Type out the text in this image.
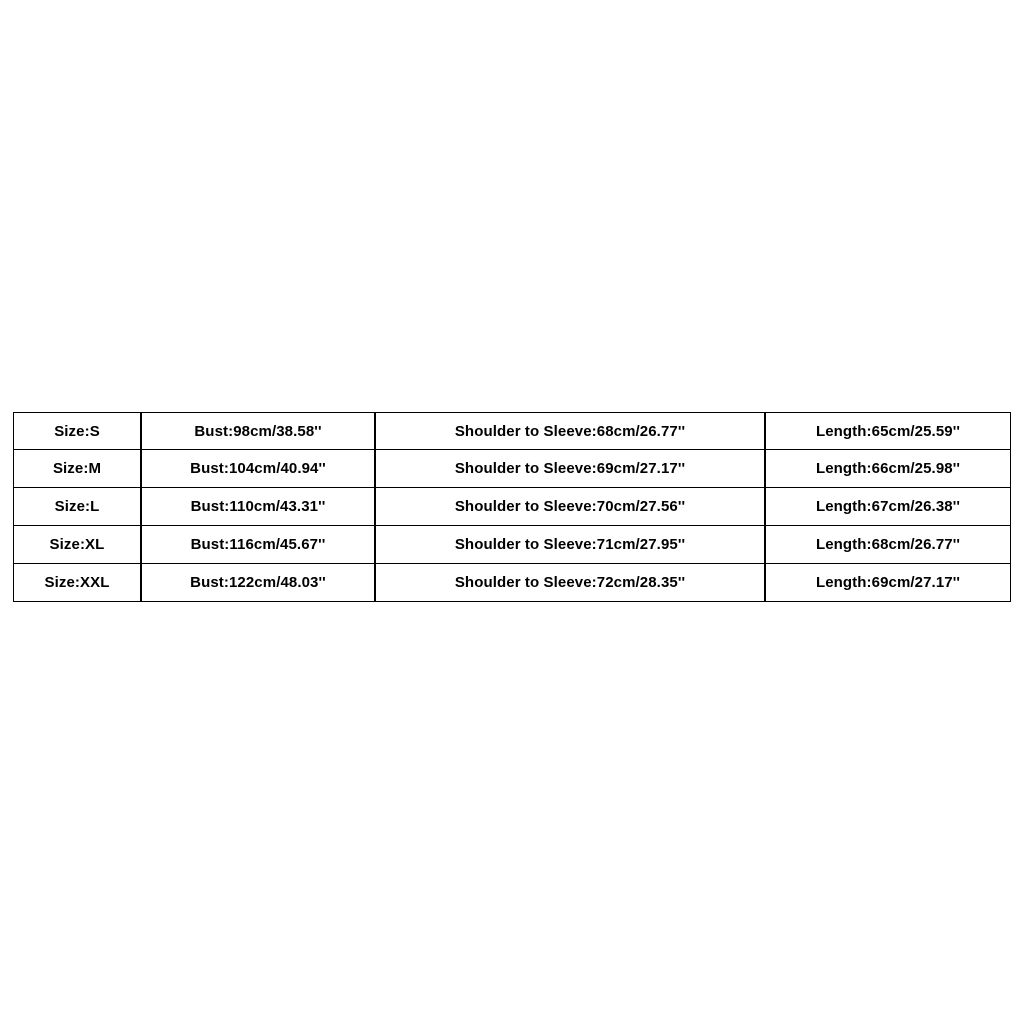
Size:S	Bust:98cm/38.58''	Shoulder to Sleeve:68cm/26.77''	Length:65cm/25.59''
Size:M	Bust:104cm/40.94''	Shoulder to Sleeve:69cm/27.17''	Length:66cm/25.98''
Size:L	Bust:110cm/43.31''	Shoulder to Sleeve:70cm/27.56''	Length:67cm/26.38''
Size:XL	Bust:116cm/45.67''	Shoulder to Sleeve:71cm/27.95''	Length:68cm/26.77''
Size:XXL	Bust:122cm/48.03''	Shoulder to Sleeve:72cm/28.35''	Length:69cm/27.17''
